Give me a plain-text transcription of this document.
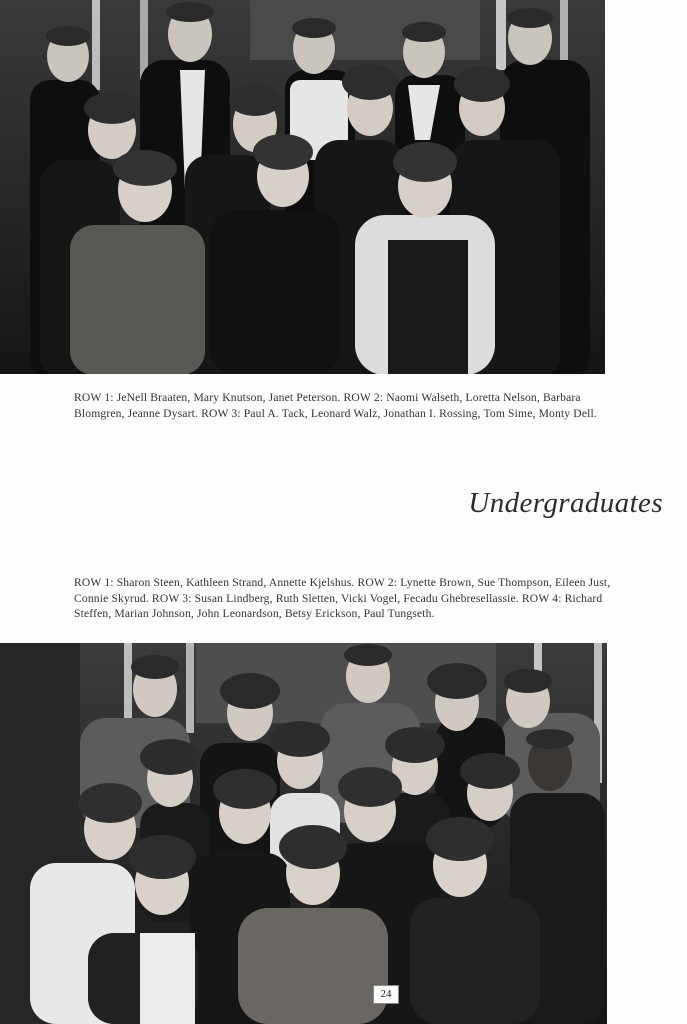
ROW 1: JeNell Braaten, Mary Knutson, Janet Peterson. ROW 2: Naomi Walseth, Loretta Nelson, Barbara Blomgren, Jeanne Dysart. ROW 3: Paul A. Tack, Leonard Walz, Jonathan I. Rossing, Tom Sime, Monty Dell.

Undergraduates

ROW 1: Sharon Steen, Kathleen Strand, Annette Kjelshus. ROW 2: Lynette Brown, Sue Thompson, Eileen Just, Connie Skyrud. ROW 3: Susan Lindberg, Ruth Sletten, Vicki Vogel, Fecadu Ghebresellassie. ROW 4: Richard Steffen, Marian Johnson, John Leonardson, Betsy Erickson, Paul Tungseth.

24
